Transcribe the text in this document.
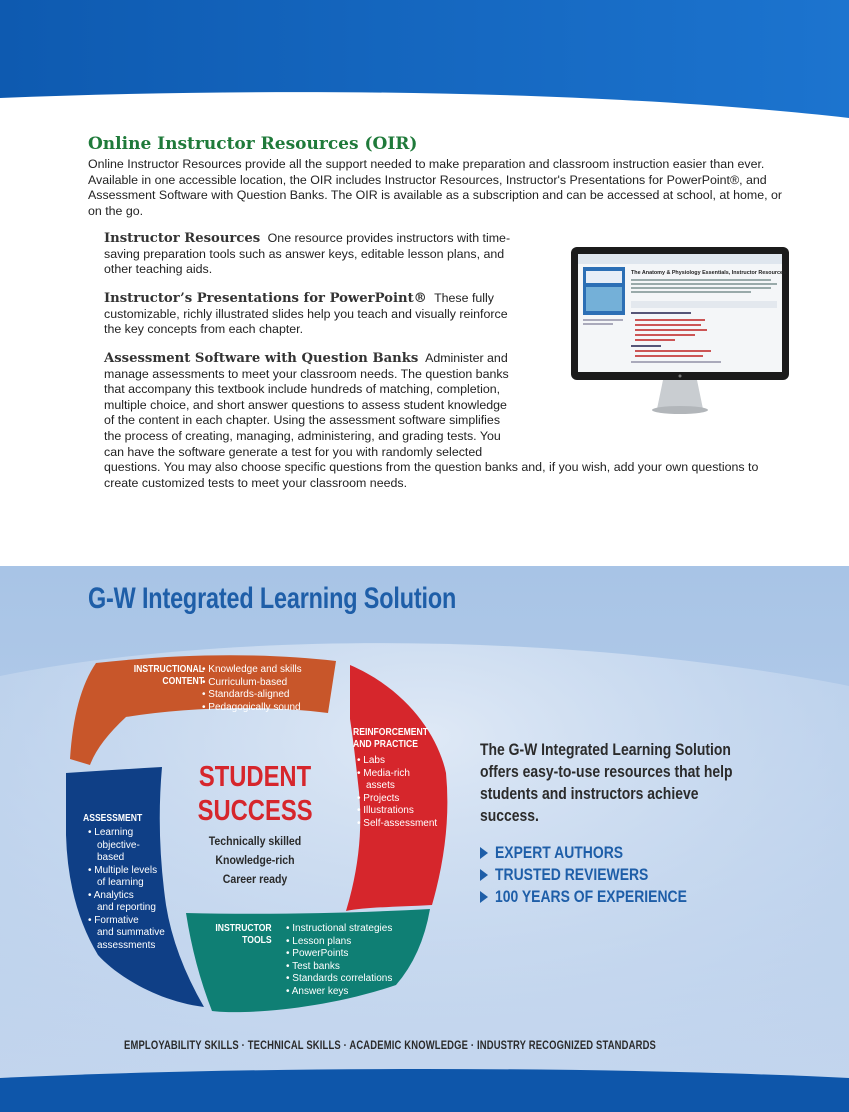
Online Instructor Resources (OIR)

Online Instructor Resources provide all the support needed to make preparation and classroom instruction easier than ever. Available in one accessible location, the OIR includes Instructor Resources, Instructor's Presentations for PowerPoint®, and Assessment Software with Question Banks. The OIR is available as a subscription and can be accessed at school, at home, or on the go.

Instructor Resources One resource provides instructors with time-saving preparation tools such as answer keys, editable lesson plans, and other teaching aids.

Instructor’s Presentations for PowerPoint® These fully customizable, richly illustrated slides help you teach and visually reinforce the key concepts from each chapter.

Assessment Software with Question Banks Administer and manage assessments to meet your classroom needs. The question banks that accompany this textbook include hundreds of matching, completion, multiple choice, and short answer questions to assess student knowledge of the content in each chapter. Using the assessment software simplifies the process of creating, managing, administering, and grading tests. You can have the software generate a test for you with randomly selected questions. You may also choose specific questions from the question banks and, if you wish, add your own questions to create customized tests to meet your classroom needs.

The Anatomy & Physiology Essentials, Instructor Resources
G-W Integrated Learning Solution

INSTRUCTIONAL
CONTENT

• Knowledge and skills
• Curriculum-based
• Standards-aligned
• Pedagogically sound

REINFORCEMENT
AND PRACTICE

• Labs
• Media-rich
assets
• Projects
• Illustrations
• Self-assessment

ASSESSMENT

• Learning
objective-
based
• Multiple levels
of learning
• Analytics
and reporting
• Formative
and summative
assessments

INSTRUCTOR
TOOLS

• Instructional strategies
• Lesson plans
• PowerPoints
• Test banks
• Standards correlations
• Answer keys

STUDENT
SUCCESS

Technically skilled
Knowledge-rich
Career ready

The G-W Integrated Learning Solution offers easy-to-use resources that help students and instructors achieve success.

EXPERT AUTHORS

TRUSTED REVIEWERS

100 YEARS OF EXPERIENCE

EMPLOYABILITY SKILLS · TECHNICAL SKILLS · ACADEMIC KNOWLEDGE · INDUSTRY RECOGNIZED STANDARDS
